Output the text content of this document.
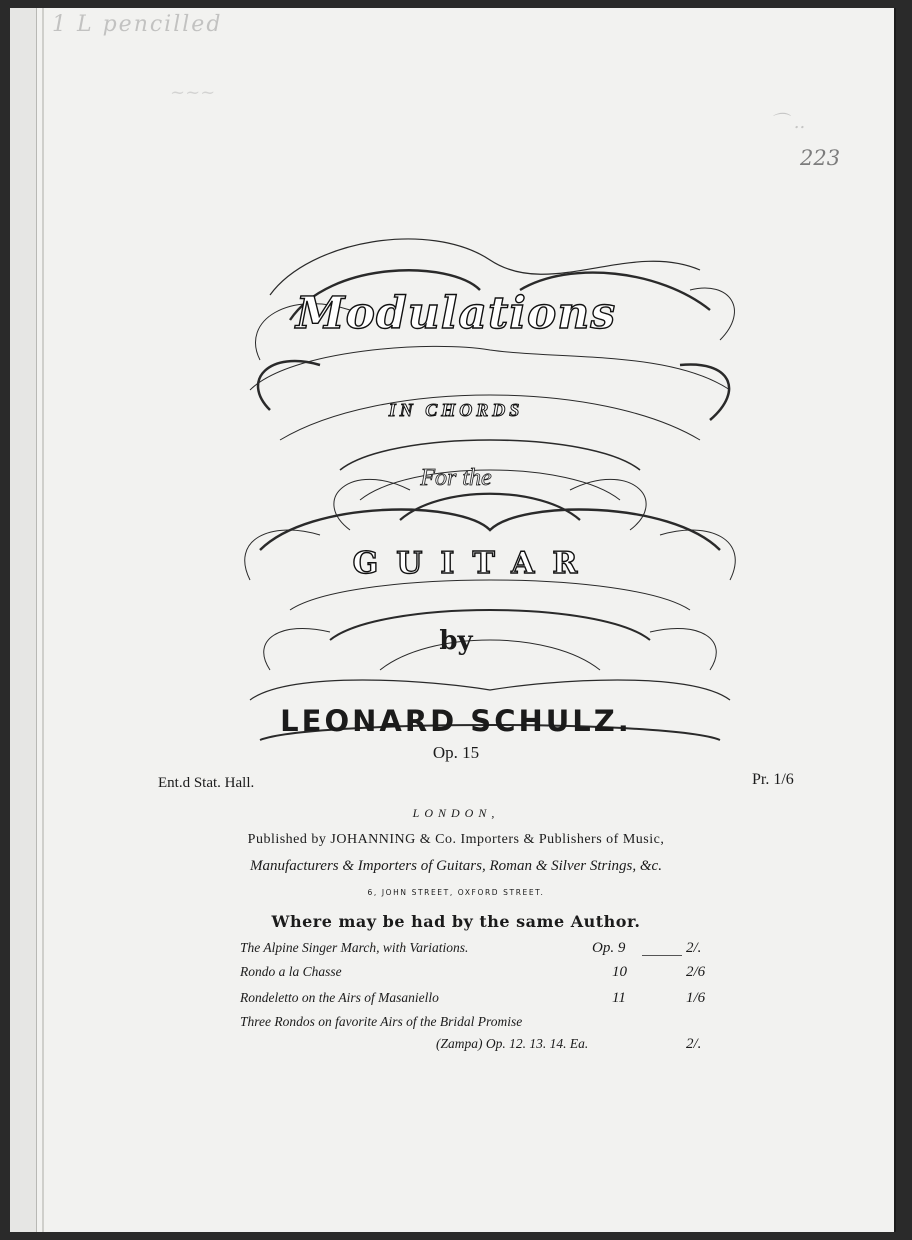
1 L pencilled
~~~
⌒ ..
223
Modulations
IN CHORDS
For the
GUITAR
by
LEONARD SCHULZ.
Op. 15
Ent.d Stat. Hall.	Pr. 1/6
LONDON,
Published by JOHANNING & Co. Importers & Publishers of Music,
Manufacturers & Importers of Guitars, Roman & Silver Strings, &c.
6, JOHN STREET, OXFORD STREET.
Where may be had by the same Author.
The Alpine Singer March, with Variations.	Op. 9	2/.
Rondo a la Chasse	10	2/6
Rondeletto on the Airs of Masaniello	11	1/6
Three Rondos on favorite Airs of the Bridal Promise
(Zampa) Op. 12. 13. 14. Ea.	2/.
